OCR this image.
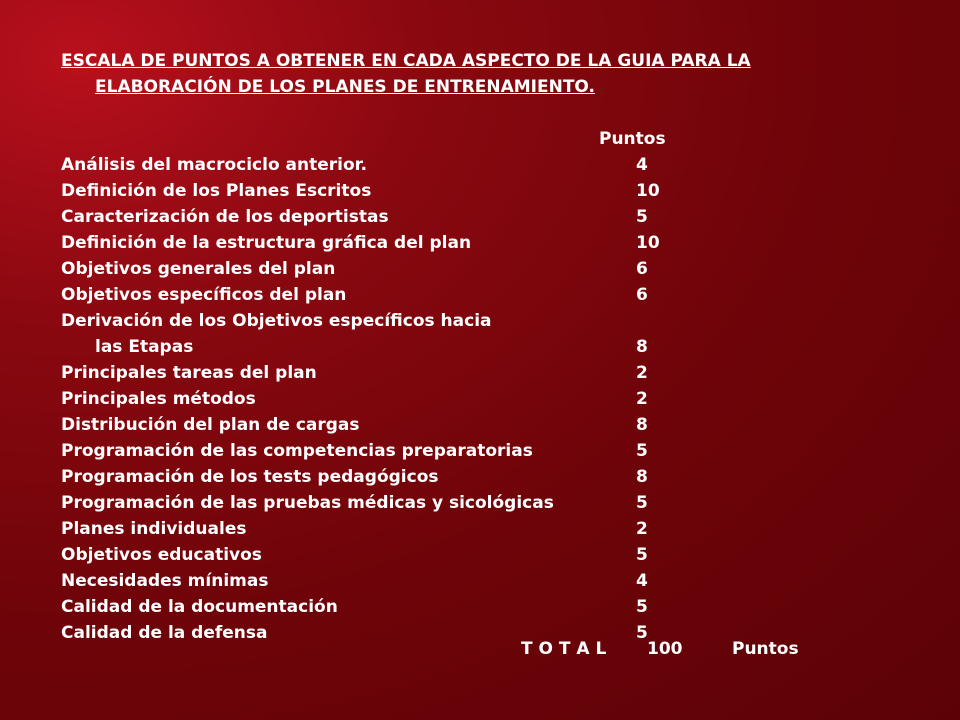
ESCALA DE PUNTOS A OBTENER EN CADA ASPECTO DE LA GUIA PARA LA
ELABORACIÓN DE LOS PLANES DE ENTRENAMIENTO.
Puntos
Análisis del macrociclo anterior.	4
Definición de los Planes Escritos	10
Caracterización de los deportistas	5
Definición de la estructura gráfica del plan	10
Objetivos generales del plan	6
Objetivos específicos del plan	6
Derivación de los Objetivos específicos hacia
las Etapas	8
Principales tareas del plan	2
Principales métodos	2
Distribución del plan de cargas	8
Programación de las competencias preparatorias	5
Programación de los tests pedagógicos	8
Programación de las pruebas médicas y sicológicas	5
Planes individuales	2
Objetivos educativos	5
Necesidades mínimas	4
Calidad de la documentación	5
Calidad de la defensa	5
T O T A L 100	Puntos
